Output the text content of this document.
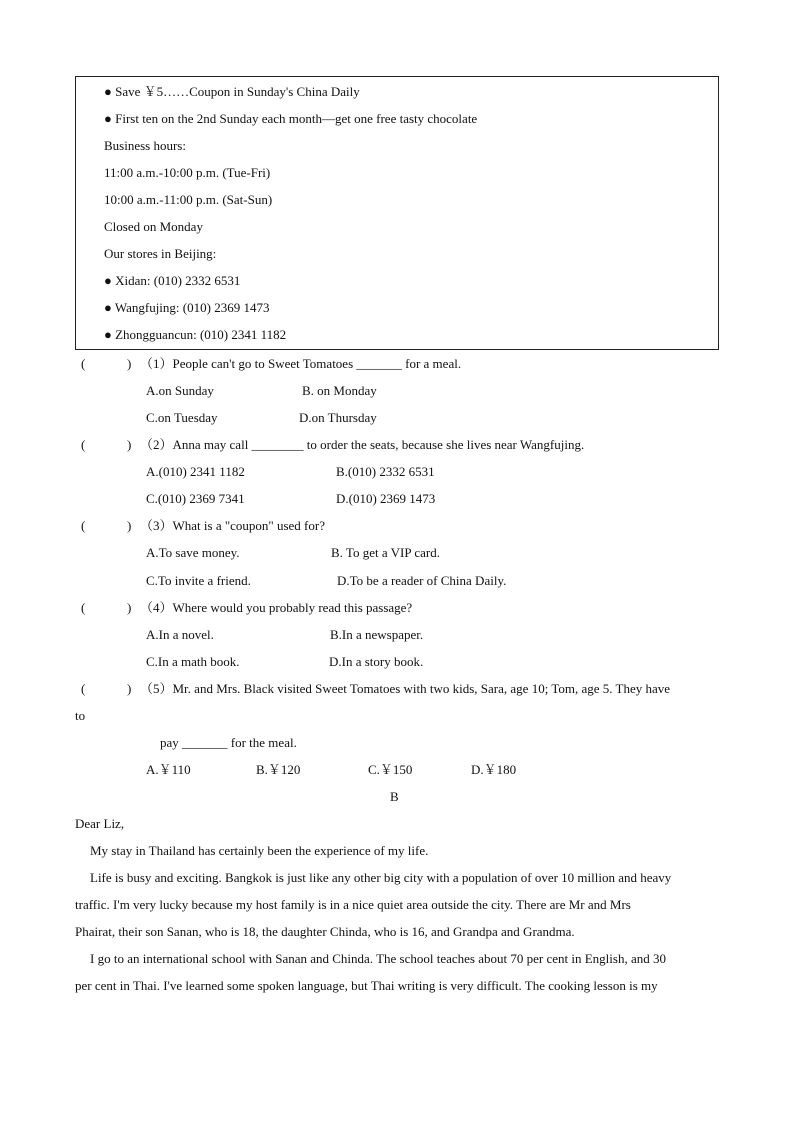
● Save ￥5……Coupon in Sunday's China Daily
● First ten on the 2nd Sunday each month—get one free tasty chocolate
Business hours:
11:00 a.m.-10:00 p.m. (Tue-Fri)
10:00 a.m.-11:00 p.m. (Sat-Sun)
Closed on Monday
Our stores in Beijing:
● Xidan: (010) 2332 6531
● Wangfujing: (010) 2369 1473
● Zhongguancun: (010) 2341 1182
(	) （1）People can't go to Sweet Tomatoes _______ for a meal.
A.on Sunday	B. on Monday
C.on Tuesday	D.on Thursday
(	) （2）Anna may call ________ to order the seats, because she lives near Wangfujing.
A.(010) 2341 1182	B.(010) 2332 6531
C.(010) 2369 7341	D.(010) 2369 1473
(	) （3）What is a "coupon" used for?
A.To save money.	B. To get a VIP card.
C.To invite a friend.	D.To be a reader of China Daily.
(	) （4）Where would you probably read this passage?
A.In a novel.	B.In a newspaper.
C.In a math book.	D.In a story book.
(	) （5）Mr. and Mrs. Black visited Sweet Tomatoes with two kids, Sara, age 10; Tom, age 5. They have
to
pay _______ for the meal.
A.￥110	B.￥120	C.￥150	D.￥180
B
Dear Liz,
My stay in Thailand has certainly been the experience of my life.
Life is busy and exciting. Bangkok is just like any other big city with a population of over 10 million and heavy
traffic. I'm very lucky because my host family is in a nice quiet area outside the city. There are Mr and Mrs
Phairat, their son Sanan, who is 18, the daughter Chinda, who is 16, and Grandpa and Grandma.
I go to an international school with Sanan and Chinda. The school teaches about 70 per cent in English, and 30
per cent in Thai. I've learned some spoken language, but Thai writing is very difficult. The cooking lesson is my
